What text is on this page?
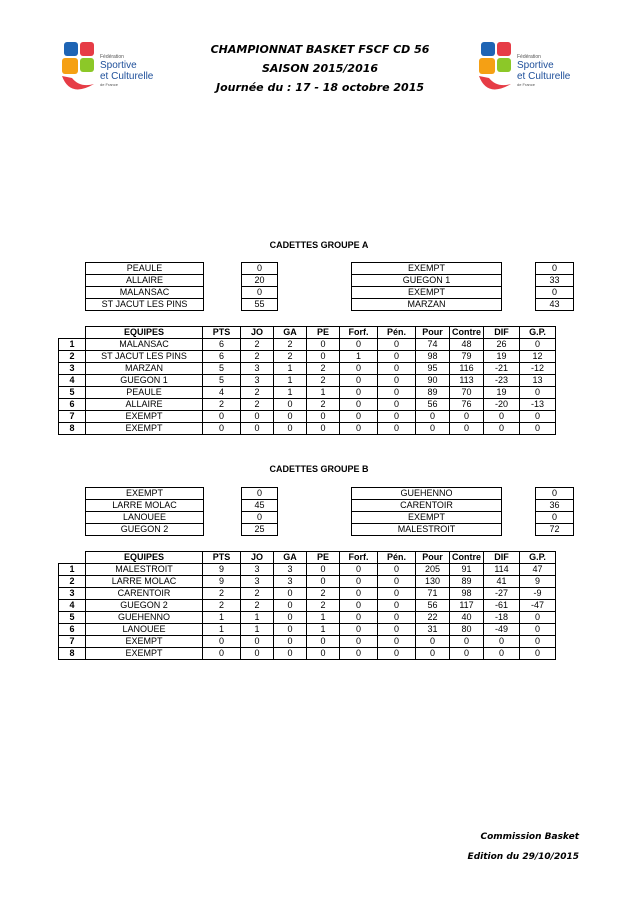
Fédération
Sportive
et Culturelle
de France
Fédération
Sportive
et Culturelle
de France
CHAMPIONNAT BASKET FSCF CD 56
SAISON 2015/2016
Journée du : 17 - 18 octobre 2015
CADETTES GROUPE A
PEAULE		0		EXEMPT		0
ALLAIRE		20		GUEGON 1		33
MALANSAC		0		EXEMPT		0
ST JACUT LES PINS		55		MARZAN		43
	EQUIPES	PTS	JO	GA	PE	Forf.	Pén.	Pour	Contre	DIF	G.P.
1	MALANSAC	6	2	2	0	0	0	74	48	26	0
2	ST JACUT LES PINS	6	2	2	0	1	0	98	79	19	12
3	MARZAN	5	3	1	2	0	0	95	116	-21	-12
4	GUEGON 1	5	3	1	2	0	0	90	113	-23	13
5	PEAULE	4	2	1	1	0	0	89	70	19	0
6	ALLAIRE	2	2	0	2	0	0	56	76	-20	-13
7	EXEMPT	0	0	0	0	0	0	0	0	0	0
8	EXEMPT	0	0	0	0	0	0	0	0	0	0
CADETTES GROUPE B
EXEMPT		0		GUEHENNO		0
LARRE MOLAC		45		CARENTOIR		36
LANOUEE		0		EXEMPT		0
GUEGON 2		25		MALESTROIT		72
	EQUIPES	PTS	JO	GA	PE	Forf.	Pén.	Pour	Contre	DIF	G.P.
1	MALESTROIT	9	3	3	0	0	0	205	91	114	47
2	LARRE MOLAC	9	3	3	0	0	0	130	89	41	9
3	CARENTOIR	2	2	0	2	0	0	71	98	-27	-9
4	GUEGON 2	2	2	0	2	0	0	56	117	-61	-47
5	GUEHENNO	1	1	0	1	0	0	22	40	-18	0
6	LANOUEE	1	1	0	1	0	0	31	80	-49	0
7	EXEMPT	0	0	0	0	0	0	0	0	0	0
8	EXEMPT	0	0	0	0	0	0	0	0	0	0
Commission Basket
Edition du 29/10/2015
